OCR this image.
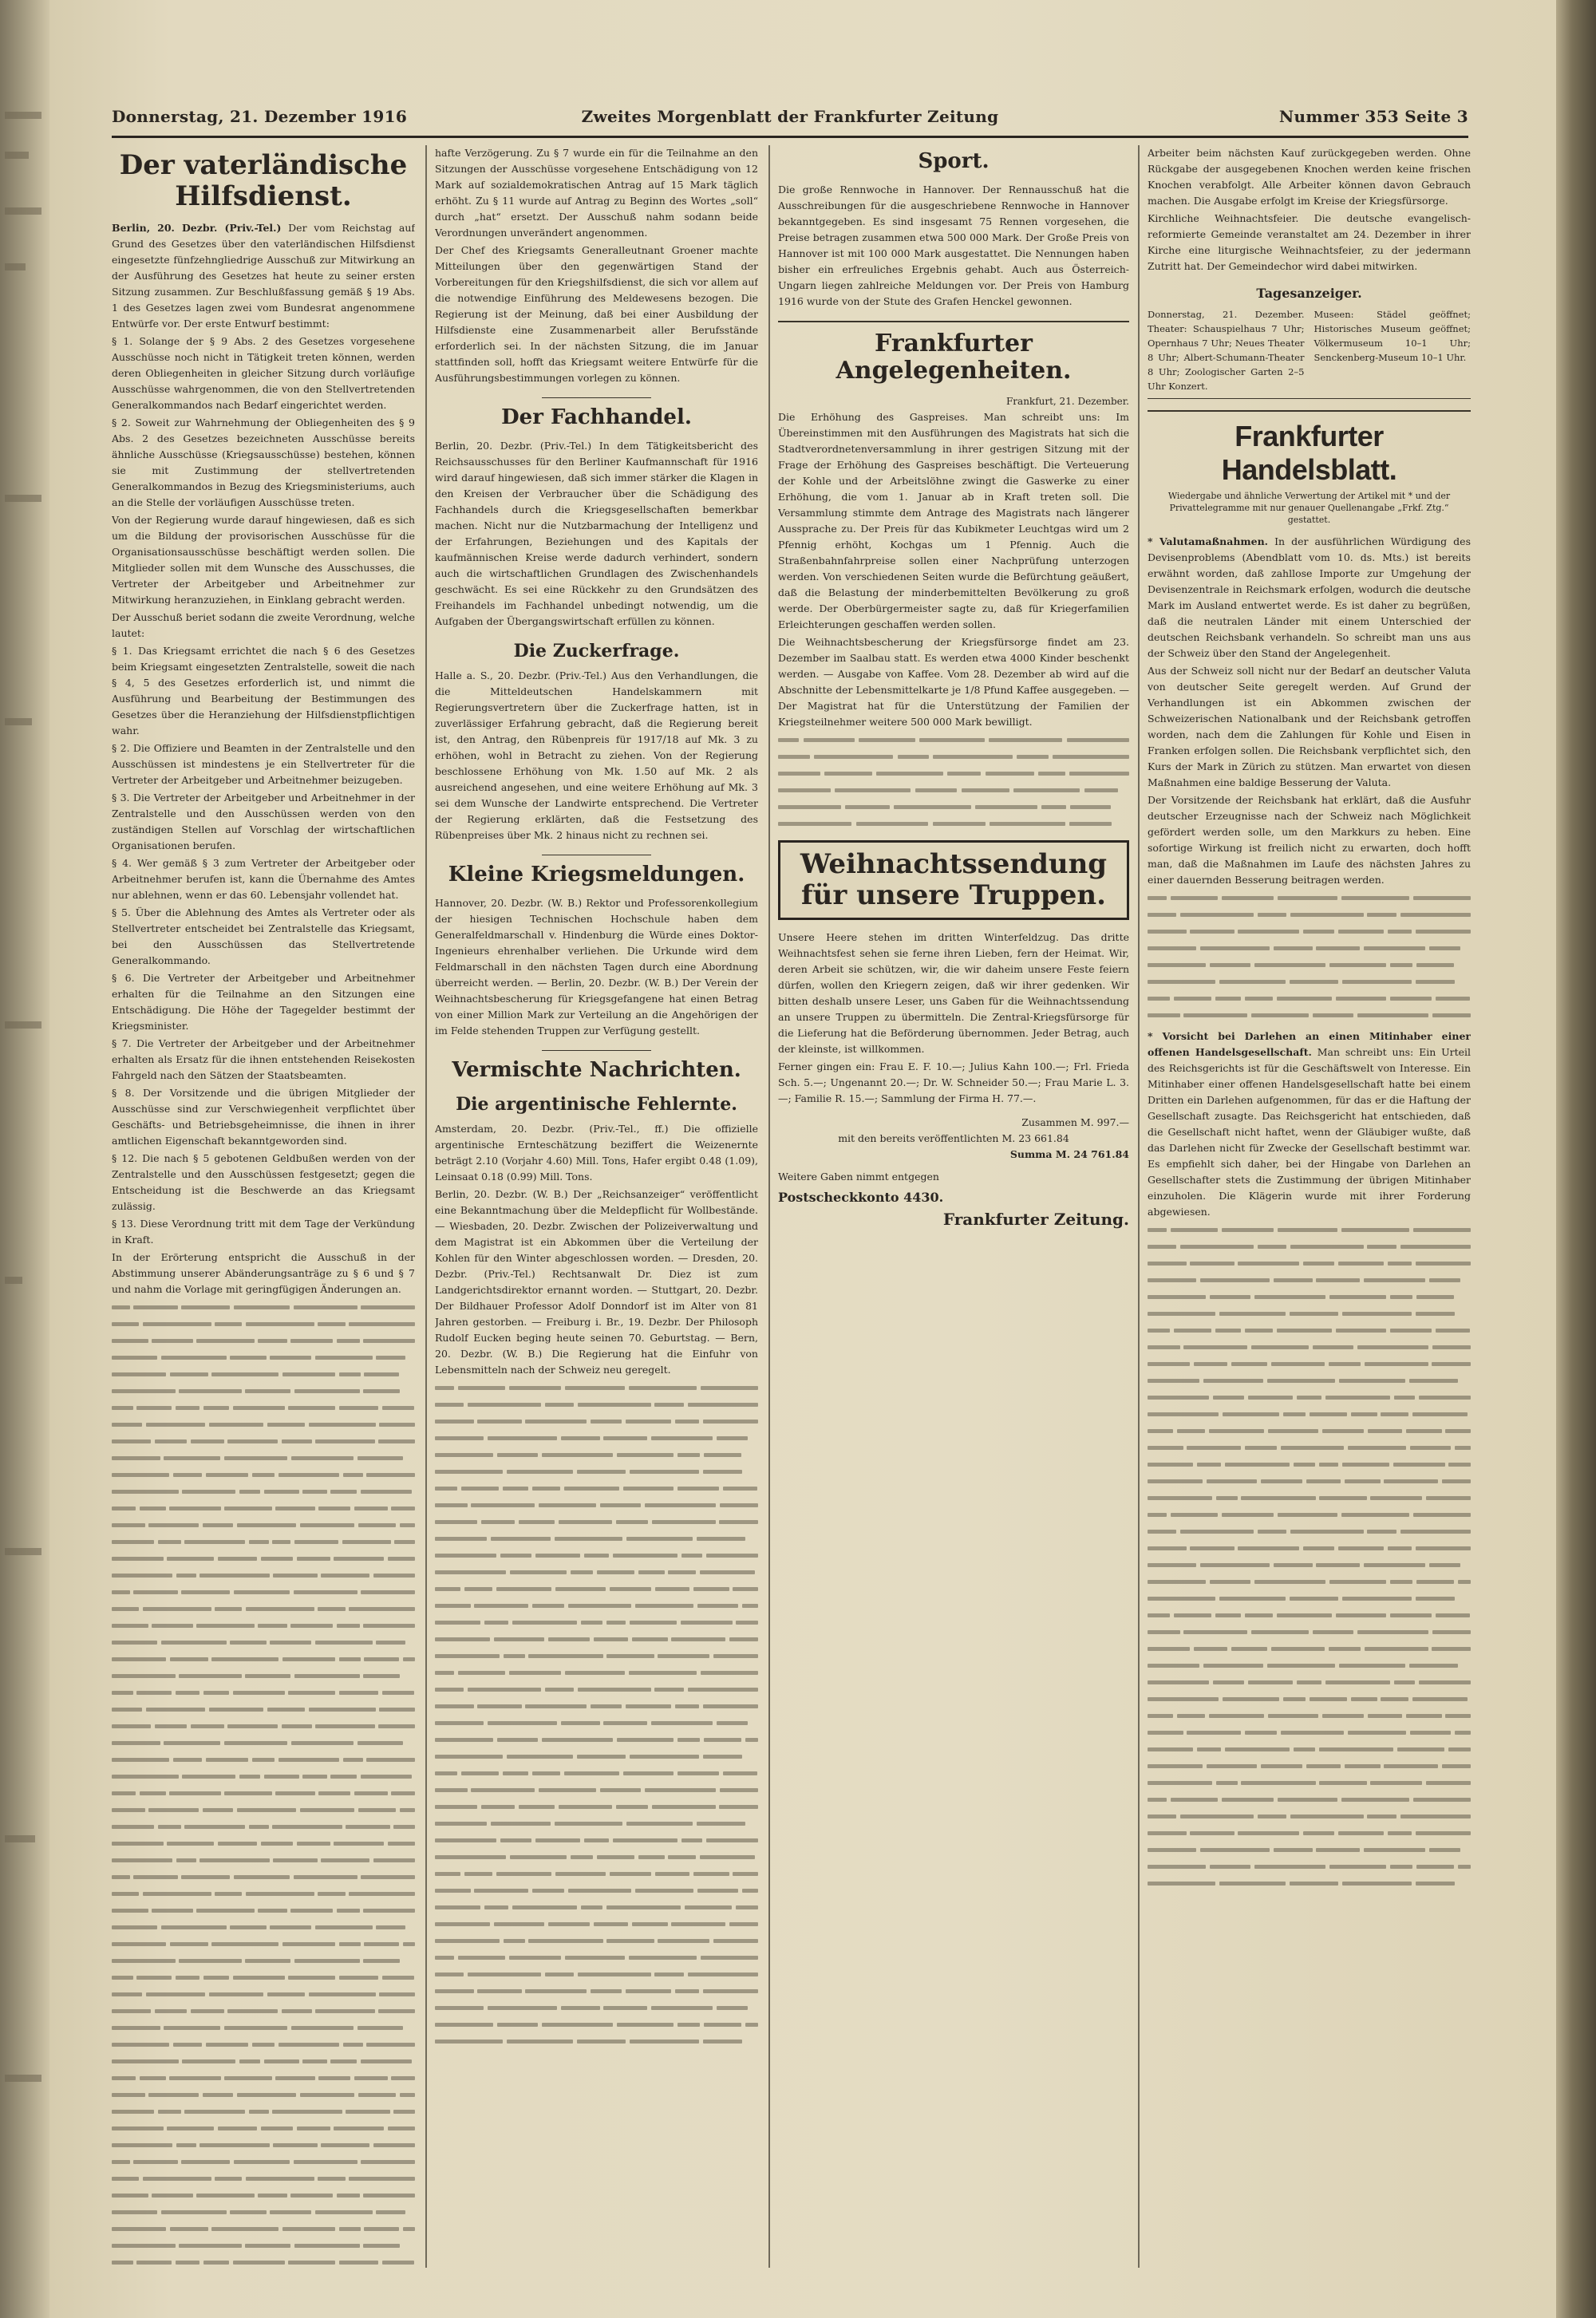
Donnerstag, 21. Dezember 1916	Zweites Morgenblatt der Frankfurter Zeitung	Nummer 353 Seite 3
Der vaterländische Hilfsdienst.

Berlin, 20. Dezbr. (Priv.-Tel.) Der vom Reichstag auf Grund des Gesetzes über den vaterländischen Hilfsdienst eingesetzte fünfzehngliedrige Ausschuß zur Mitwirkung an der Ausführung des Gesetzes hat heute zu seiner ersten Sitzung zusammen. Zur Beschlußfassung gemäß § 19 Abs. 1 des Gesetzes lagen zwei vom Bundesrat angenommene Entwürfe vor. Der erste Entwurf bestimmt:

§ 1. Solange der § 9 Abs. 2 des Gesetzes vorgesehene Ausschüsse noch nicht in Tätigkeit treten können, werden deren Obliegenheiten in gleicher Sitzung durch vorläufige Ausschüsse wahrgenommen, die von den Stellvertretenden Generalkommandos nach Bedarf eingerichtet werden.

§ 2. Soweit zur Wahrnehmung der Obliegenheiten des § 9 Abs. 2 des Gesetzes bezeichneten Ausschüsse bereits ähnliche Ausschüsse (Kriegsausschüsse) bestehen, können sie mit Zustimmung der stellvertretenden Generalkommandos in Bezug des Kriegsministeriums, auch an die Stelle der vorläufigen Ausschüsse treten.

Von der Regierung wurde darauf hingewiesen, daß es sich um die Bildung der provisorischen Ausschüsse für die Organisationsausschüsse beschäftigt werden sollen. Die Mitglieder sollen mit dem Wunsche des Ausschusses, die Vertreter der Arbeitgeber und Arbeitnehmer zur Mitwirkung heranzuziehen, in Einklang gebracht werden.

Der Ausschuß beriet sodann die zweite Verordnung, welche lautet:

§ 1. Das Kriegsamt errichtet die nach § 6 des Gesetzes beim Kriegsamt eingesetzten Zentralstelle, soweit die nach § 4, 5 des Gesetzes erforderlich ist, und nimmt die Ausführung und Bearbeitung der Bestimmungen des Gesetzes über die Heranziehung der Hilfsdienstpflichtigen wahr.

§ 2. Die Offiziere und Beamten in der Zentralstelle und den Ausschüssen ist mindestens je ein Stellvertreter für die Vertreter der Arbeitgeber und Arbeitnehmer beizugeben.

§ 3. Die Vertreter der Arbeitgeber und Arbeitnehmer in der Zentralstelle und den Ausschüssen werden von den zuständigen Stellen auf Vorschlag der wirtschaftlichen Organisationen berufen.

§ 4. Wer gemäß § 3 zum Vertreter der Arbeitgeber oder Arbeitnehmer berufen ist, kann die Übernahme des Amtes nur ablehnen, wenn er das 60. Lebensjahr vollendet hat.

§ 5. Über die Ablehnung des Amtes als Vertreter oder als Stellvertreter entscheidet bei Zentralstelle das Kriegsamt, bei den Ausschüssen das Stellvertretende Generalkommando.

§ 6. Die Vertreter der Arbeitgeber und Arbeitnehmer erhalten für die Teilnahme an den Sitzungen eine Entschädigung. Die Höhe der Tagegelder bestimmt der Kriegsminister.

§ 7. Die Vertreter der Arbeitgeber und der Arbeitnehmer erhalten als Ersatz für die ihnen entstehenden Reisekosten Fahrgeld nach den Sätzen der Staatsbeamten.

§ 8. Der Vorsitzende und die übrigen Mitglieder der Ausschüsse sind zur Verschwiegenheit verpflichtet über Geschäfts- und Betriebsgeheimnisse, die ihnen in ihrer amtlichen Eigenschaft bekanntgeworden sind.

§ 12. Die nach § 5 gebotenen Geldbußen werden von der Zentralstelle und den Ausschüssen festgesetzt; gegen die Entscheidung ist die Beschwerde an das Kriegsamt zulässig.

§ 13. Diese Verordnung tritt mit dem Tage der Verkündung in Kraft.

In der Erörterung entspricht die Ausschuß in der Abstimmung unserer Abänderungsanträge zu § 6 und § 7 und nahm die Vorlage mit geringfügigen Änderungen an.

hafte Verzögerung. Zu § 7 wurde ein für die Teilnahme an den Sitzungen der Ausschüsse vorgesehene Entschädigung von 12 Mark auf sozialdemokratischen Antrag auf 15 Mark täglich erhöht. Zu § 11 wurde auf Antrag zu Beginn des Wortes „soll“ durch „hat“ ersetzt. Der Ausschuß nahm sodann beide Verordnungen unverändert angenommen.

Der Chef des Kriegsamts Generalleutnant Groener machte Mitteilungen über den gegenwärtigen Stand der Vorbereitungen für den Kriegshilfsdienst, die sich vor allem auf die notwendige Einführung des Meldewesens bezogen. Die Regierung ist der Meinung, daß bei einer Ausbildung der Hilfsdienste eine Zusammenarbeit aller Berufsstände erforderlich sei. In der nächsten Sitzung, die im Januar stattfinden soll, hofft das Kriegsamt weitere Entwürfe für die Ausführungsbestimmungen vorlegen zu können.

Der Fachhandel.

Berlin, 20. Dezbr. (Priv.-Tel.) In dem Tätigkeitsbericht des Reichsausschusses für den Berliner Kaufmannschaft für 1916 wird darauf hingewiesen, daß sich immer stärker die Klagen in den Kreisen der Verbraucher über die Schädigung des Fachhandels durch die Kriegsgesellschaften bemerkbar machen. Nicht nur die Nutzbarmachung der Intelligenz und der Erfahrungen, Beziehungen und des Kapitals der kaufmännischen Kreise werde dadurch verhindert, sondern auch die wirtschaftlichen Grundlagen des Zwischenhandels geschwächt. Es sei eine Rückkehr zu den Grundsätzen des Freihandels im Fachhandel unbedingt notwendig, um die Aufgaben der Übergangswirtschaft erfüllen zu können.

Die Zuckerfrage.

Halle a. S., 20. Dezbr. (Priv.-Tel.) Aus den Verhandlungen, die die Mitteldeutschen Handelskammern mit Regierungsvertretern über die Zuckerfrage hatten, ist in zuverlässiger Erfahrung gebracht, daß die Regierung bereit ist, den Antrag, den Rübenpreis für 1917/18 auf Mk. 3 zu erhöhen, wohl in Betracht zu ziehen. Von der Regierung beschlossene Erhöhung von Mk. 1.50 auf Mk. 2 als ausreichend angesehen, und eine weitere Erhöhung auf Mk. 3 sei dem Wunsche der Landwirte entsprechend. Die Vertreter der Regierung erklärten, daß die Festsetzung des Rübenpreises über Mk. 2 hinaus nicht zu rechnen sei.

Kleine Kriegsmeldungen.

Hannover, 20. Dezbr. (W. B.) Rektor und Professorenkollegium der hiesigen Technischen Hochschule haben dem Generalfeldmarschall v. Hindenburg die Würde eines Doktor-Ingenieurs ehrenhalber verliehen. Die Urkunde wird dem Feldmarschall in den nächsten Tagen durch eine Abordnung überreicht werden. — Berlin, 20. Dezbr. (W. B.) Der Verein der Weihnachtsbescherung für Kriegsgefangene hat einen Betrag von einer Million Mark zur Verteilung an die Angehörigen der im Felde stehenden Truppen zur Verfügung gestellt.

Vermischte Nachrichten.
Die argentinische Fehlernte.

Amsterdam, 20. Dezbr. (Priv.-Tel., ff.) Die offizielle argentinische Ernteschätzung beziffert die Weizenernte beträgt 2.10 (Vorjahr 4.60) Mill. Tons, Hafer ergibt 0.48 (1.09), Leinsaat 0.18 (0.99) Mill. Tons.

Berlin, 20. Dezbr. (W. B.) Der „Reichsanzeiger“ veröffentlicht eine Bekanntmachung über die Meldepflicht für Wollbestände. — Wiesbaden, 20. Dezbr. Zwischen der Polizeiverwaltung und dem Magistrat ist ein Abkommen über die Verteilung der Kohlen für den Winter abgeschlossen worden. — Dresden, 20. Dezbr. (Priv.-Tel.) Rechtsanwalt Dr. Diez ist zum Landgerichtsdirektor ernannt worden. — Stuttgart, 20. Dezbr. Der Bildhauer Professor Adolf Donndorf ist im Alter von 81 Jahren gestorben. — Freiburg i. Br., 19. Dezbr. Der Philosoph Rudolf Eucken beging heute seinen 70. Geburtstag. — Bern, 20. Dezbr. (W. B.) Die Regierung hat die Einfuhr von Lebensmitteln nach der Schweiz neu geregelt.

Sport.

Die große Rennwoche in Hannover. Der Rennausschuß hat die Ausschreibungen für die ausgeschriebene Rennwoche in Hannover bekanntgegeben. Es sind insgesamt 75 Rennen vorgesehen, die Preise betragen zusammen etwa 500 000 Mark. Der Große Preis von Hannover ist mit 100 000 Mark ausgestattet. Die Nennungen haben bisher ein erfreuliches Ergebnis gehabt. Auch aus Österreich-Ungarn liegen zahlreiche Meldungen vor. Der Preis von Hamburg 1916 wurde von der Stute des Grafen Henckel gewonnen.

Frankfurter Angelegenheiten.
Frankfurt, 21. Dezember.

Die Erhöhung des Gaspreises. Man schreibt uns: Im Übereinstimmen mit den Ausführungen des Magistrats hat sich die Stadtverordnetenversammlung in ihrer gestrigen Sitzung mit der Frage der Erhöhung des Gaspreises beschäftigt. Die Verteuerung der Kohle und der Arbeitslöhne zwingt die Gaswerke zu einer Erhöhung, die vom 1. Januar ab in Kraft treten soll. Die Versammlung stimmte dem Antrage des Magistrats nach längerer Aussprache zu. Der Preis für das Kubikmeter Leuchtgas wird um 2 Pfennig erhöht, Kochgas um 1 Pfennig. Auch die Straßenbahnfahrpreise sollen einer Nachprüfung unterzogen werden. Von verschiedenen Seiten wurde die Befürchtung geäußert, daß die Belastung der minderbemittelten Bevölkerung zu groß werde. Der Oberbürgermeister sagte zu, daß für Kriegerfamilien Erleichterungen geschaffen werden sollen.

Die Weihnachtsbescherung der Kriegsfürsorge findet am 23. Dezember im Saalbau statt. Es werden etwa 4000 Kinder beschenkt werden. — Ausgabe von Kaffee. Vom 28. Dezember ab wird auf die Abschnitte der Lebensmittelkarte je 1/8 Pfund Kaffee ausgegeben. — Der Magistrat hat für die Unterstützung der Familien der Kriegsteilnehmer weitere 500 000 Mark bewilligt.

Weihnachtssendung für unsere Truppen.

Unsere Heere stehen im dritten Winterfeldzug. Das dritte Weihnachtsfest sehen sie ferne ihren Lieben, fern der Heimat. Wir, deren Arbeit sie schützen, wir, die wir daheim unsere Feste feiern dürfen, wollen den Kriegern zeigen, daß wir ihrer gedenken. Wir bitten deshalb unsere Leser, uns Gaben für die Weihnachtssendung an unsere Truppen zu übermitteln. Die Zentral-Kriegsfürsorge für die Lieferung hat die Beförderung übernommen. Jeder Betrag, auch der kleinste, ist willkommen.

Ferner gingen ein: Frau E. F. 10.—; Julius Kahn 100.—; Frl. Frieda Sch. 5.—; Ungenannt 20.—; Dr. W. Schneider 50.—; Frau Marie L. 3.—; Familie R. 15.—; Sammlung der Firma H. 77.—.

Zusammen M. 997.—
mit den bereits veröffentlichten M. 23 661.84
Summa M. 24 761.84
Weitere Gaben nimmt entgegen
Postscheckkonto 4430.
Frankfurter Zeitung.

Arbeiter beim nächsten Kauf zurückgegeben werden. Ohne Rückgabe der ausgegebenen Knochen werden keine frischen Knochen verabfolgt. Alle Arbeiter können davon Gebrauch machen. Die Ausgabe erfolgt im Kreise der Kriegsfürsorge.

Kirchliche Weihnachtsfeier. Die deutsche evangelisch-reformierte Gemeinde veranstaltet am 24. Dezember in ihrer Kirche eine liturgische Weihnachtsfeier, zu der jedermann Zutritt hat. Der Gemeindechor wird dabei mitwirken.

Tagesanzeiger.
Donnerstag, 21. Dezember. Theater: Schauspielhaus 7 Uhr; Opernhaus 7 Uhr; Neues Theater 8 Uhr; Albert-Schumann-Theater 8 Uhr; Zoologischer Garten 2–5 Uhr Konzert.
Museen: Städel geöffnet; Historisches Museum geöffnet; Völkermuseum 10–1 Uhr; Senckenberg-Museum 10–1 Uhr.
Frankfurter Handelsblatt.
Wiedergabe und ähnliche Verwertung der Artikel mit * und der Privattelegramme mit nur genauer Quellenangabe „Frkf. Ztg.“ gestattet.

* Valutamaßnahmen. In der ausführlichen Würdigung des Devisenproblems (Abendblatt vom 10. ds. Mts.) ist bereits erwähnt worden, daß zahllose Importe zur Umgehung der Devisenzentrale in Reichsmark erfolgen, wodurch die deutsche Mark im Ausland entwertet werde. Es ist daher zu begrüßen, daß die neutralen Länder mit einem Unterschied der deutschen Reichsbank verhandeln. So schreibt man uns aus der Schweiz über den Stand der Angelegenheit.

Aus der Schweiz soll nicht nur der Bedarf an deutscher Valuta von deutscher Seite geregelt werden. Auf Grund der Verhandlungen ist ein Abkommen zwischen der Schweizerischen Nationalbank und der Reichsbank getroffen worden, nach dem die Zahlungen für Kohle und Eisen in Franken erfolgen sollen. Die Reichsbank verpflichtet sich, den Kurs der Mark in Zürich zu stützen. Man erwartet von diesen Maßnahmen eine baldige Besserung der Valuta.

Der Vorsitzende der Reichsbank hat erklärt, daß die Ausfuhr deutscher Erzeugnisse nach der Schweiz nach Möglichkeit gefördert werden solle, um den Markkurs zu heben. Eine sofortige Wirkung ist freilich nicht zu erwarten, doch hofft man, daß die Maßnahmen im Laufe des nächsten Jahres zu einer dauernden Besserung beitragen werden.

* Vorsicht bei Darlehen an einen Mitinhaber einer offenen Handelsgesellschaft. Man schreibt uns: Ein Urteil des Reichsgerichts ist für die Geschäftswelt von Interesse. Ein Mitinhaber einer offenen Handelsgesellschaft hatte bei einem Dritten ein Darlehen aufgenommen, für das er die Haftung der Gesellschaft zusagte. Das Reichsgericht hat entschieden, daß die Gesellschaft nicht haftet, wenn der Gläubiger wußte, daß das Darlehen nicht für Zwecke der Gesellschaft bestimmt war. Es empfiehlt sich daher, bei der Hingabe von Darlehen an Gesellschafter stets die Zustimmung der übrigen Mitinhaber einzuholen. Die Klägerin wurde mit ihrer Forderung abgewiesen.
